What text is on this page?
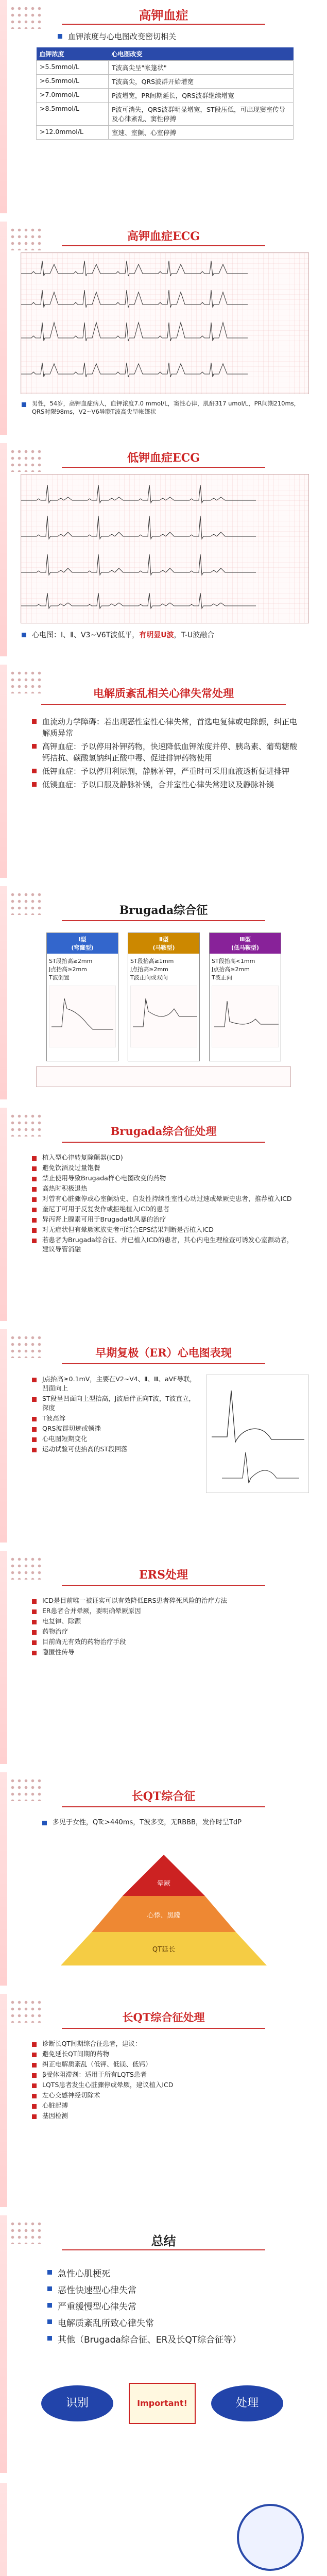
高钾血症
血钾浓度与心电图改变密切相关
血钾浓度	心电图改变
>5.5mmol/L	T波高尖呈"帐篷状"
>6.5mmol/L	T波高尖，QRS波群开始增宽
>7.0mmol/L	P波增宽，PR间期延长，QRS波群继续增宽
>8.5mmol/L	P波可消失，QRS波群明显增宽，ST段压低，可出现窦室传导及心律紊乱、窦性停搏
>12.0mmol/L	室速、室颤、心室停搏
高钾血症ECG
男性，54岁，高钾血症病人，血钾浓度7.0 mmol/L，窦性心律，肌酐317 umol/L，PR间期210ms，QRS时限98ms，V2~V6导联T波高尖呈帐篷状
低钾血症ECG
心电图：Ⅰ、Ⅱ、V3~V6T波低平，有明显U波，T-U波融合
电解质紊乱相关心律失常处理
血流动力学障碍：若出现恶性室性心律失常，首选电复律或电除颤，纠正电解质异常
高钾血症：予以停用补钾药物，快速降低血钾浓度并停、胰岛素、葡萄糖酸钙拮抗、碳酸氢钠纠正酸中毒、促进排钾药物使用
低钾血症：予以停用利尿剂，静脉补钾，严重时可采用血液透析促进排钾
低镁血症：予以口服及静脉补镁，合并室性心律失常建议及静脉补镁
Brugada综合征
Ⅰ型
(穹窿型)
ST段抬高≥2mm
J点抬高≥2mm
T波倒置
Ⅱ型
(马鞍型)
ST段抬高≥1mm
J点抬高≥2mm
T波正向或双向
Ⅲ型
(低马鞍型)
ST段抬高<1mm
J点抬高≥2mm
T波正向
Brugada综合征处理
植入型心律转复除颤器(ICD)
避免饮酒及过量饱餐
禁止使用导致Brugada样心电图改变的药物
高热时积极退热
对曾有心脏骤停或心室颤动史、自发性持续性室性心动过速或晕厥史患者，推荐植入ICD
奎尼丁可用于反复发作或拒绝植入ICD的患者
异丙肾上腺素可用于Brugada电风暴的治疗
对无症状但有晕厥家族史者可结合EPS结果判断是否植入ICD
若患者为Brugada综合征、并已植入ICD的患者，其心内电生理检查可诱发心室颤动者，建议导管消融
早期复极（ER）心电图表现
J点抬高≥0.1mV，主要在V2~V4、Ⅱ、Ⅲ、aVF导联，凹面向上
ST段呈凹面向上型抬高，J波后伴正向T波，T波直立，深度
T波高耸
QRS波群切迹或顿挫
心电图短期变化
运动试验可使抬高的ST段回落
ERS处理
ICD是目前唯一被证实可以有效降低ERS患者猝死风险的治疗方法
ER患者合并晕厥，要明确晕厥原因
电复律、除颤
药物治疗
目前尚无有效的药物治疗手段
隐匿性传导
长QT综合征
多见于女性，QTc>440ms，T波多变，无RBBB，发作时呈TdP
晕厥
心悸、黑矇
QT延长
长QT综合征处理
诊断长QT间期综合征患者，建议：
避免延长QT间期的药物
纠正电解质紊乱（低钾、低镁、低钙）
β受体阻滞剂：适用于所有LQTS患者
LQTS患者发生心脏骤停或晕厥，建议植入ICD
左心交感神经切除术
心脏起搏
基因检测
总结
急性心肌梗死
恶性快速型心律失常
严重缓慢型心律失常
电解质紊乱所致心律失常
其他（Brugada综合征、ER及长QT综合征等）
识别	Important!	处理
